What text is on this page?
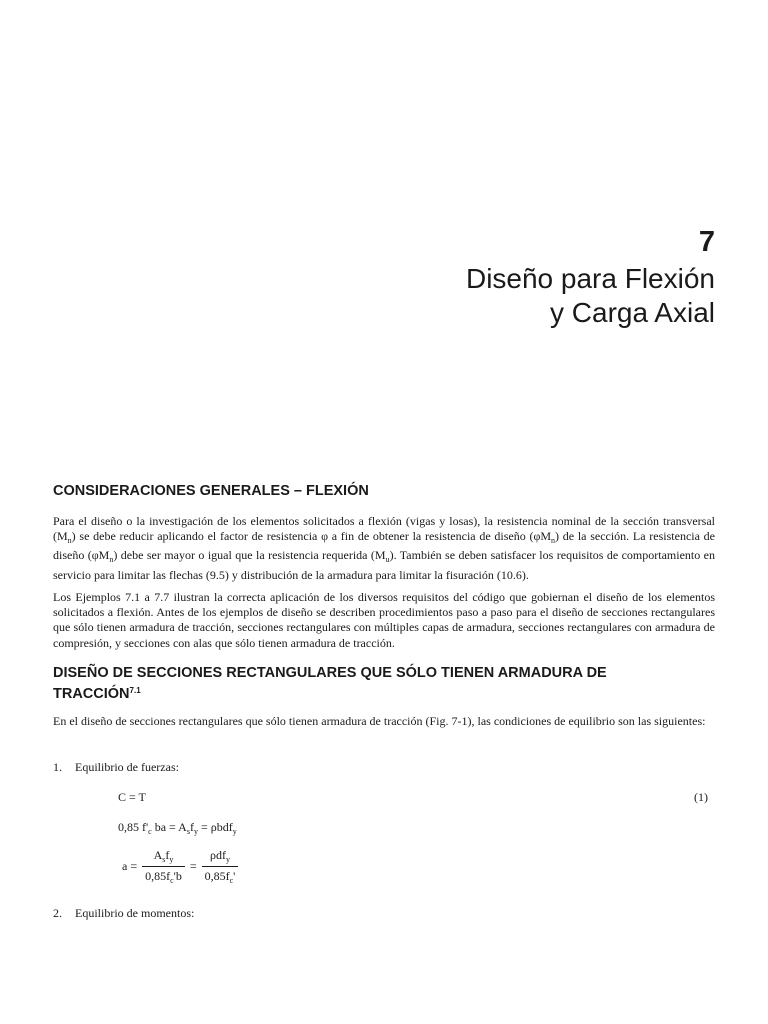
7
Diseño para Flexión
y Carga Axial
CONSIDERACIONES GENERALES – FLEXIÓN
Para el diseño o la investigación de los elementos solicitados a flexión (vigas y losas), la resistencia nominal de la sección transversal $(M_n)$ se debe reducir aplicando el factor de resistencia φ a fin de obtener la resistencia de diseño $(\varphi M_n)$ de la sección. La resistencia de diseño $(\varphi M_n)$ debe ser mayor o igual que la resistencia requerida $(M_u)$. También se deben satisfacer los requisitos de comportamiento en servicio para limitar las flechas (9.5) y distribución de la armadura para limitar la fisuración (10.6).
Los Ejemplos 7.1 a 7.7 ilustran la correcta aplicación de los diversos requisitos del código que gobiernan el diseño de los elementos solicitados a flexión. Antes de los ejemplos de diseño se describen procedimientos paso a paso para el diseño de secciones rectangulares que sólo tienen armadura de tracción, secciones rectangulares con múltiples capas de armadura, secciones rectangulares con armadura de compresión, y secciones con alas que sólo tienen armadura de tracción.
DISEÑO DE SECCIONES RECTANGULARES QUE SÓLO TIENEN ARMADURA DE
$TRACCIÓN^{7.1}$
En el diseño de secciones rectangulares que sólo tienen armadura de tracción (Fig. 7-1), las condiciones de equilibrio son las siguientes:
1. Equilibrio de fuerzas:
C = T	(1)
0,85 $f'_c$ ba = $A_sf_y = \rho bdf_y$
$a = \frac{A_sf_y}{0,85f_c'b} = \frac{\rho df_y}{0,85f_c'}$
2. Equilibrio de momentos:
